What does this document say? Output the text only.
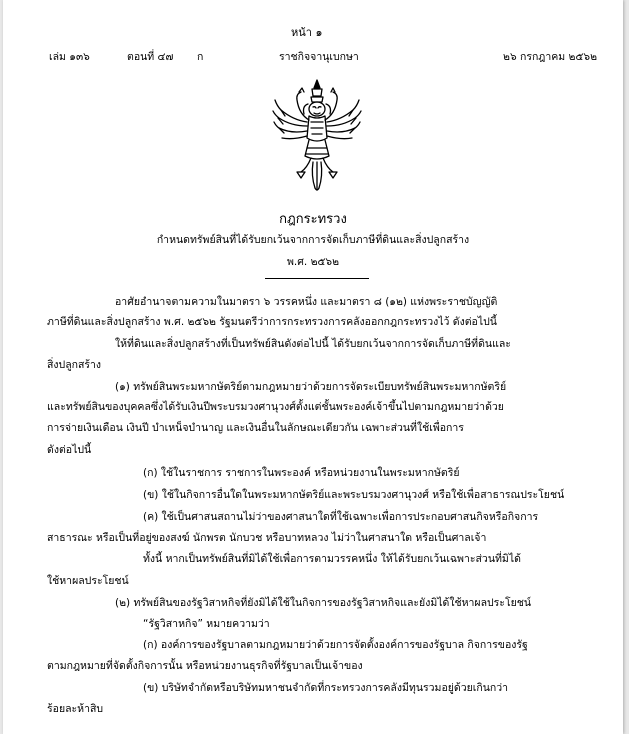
หน้า ๑
เล่ม ๑๓๖	ตอนที่ ๔๗ ก	ราชกิจจานุเบกษา	๒๖ กรกฎาคม ๒๕๖๒
กฎกระทรวง
กำหนดทรัพย์สินที่ได้รับยกเว้นจากการจัดเก็บภาษีที่ดินและสิ่งปลูกสร้าง
พ.ศ. ๒๕๖๒
อาศัยอำนาจตามความในมาตรา ๖ วรรคหนึ่ง และมาตรา ๘ (๑๒) แห่งพระราชบัญญัติ
ภาษีที่ดินและสิ่งปลูกสร้าง พ.ศ. ๒๕๖๒ รัฐมนตรีว่าการกระทรวงการคลังออกกฎกระทรวงไว้ ดังต่อไปนี้
ให้ที่ดินและสิ่งปลูกสร้างที่เป็นทรัพย์สินดังต่อไปนี้ ได้รับยกเว้นจากการจัดเก็บภาษีที่ดินและ
สิ่งปลูกสร้าง
(๑) ทรัพย์สินพระมหากษัตริย์ตามกฎหมายว่าด้วยการจัดระเบียบทรัพย์สินพระมหากษัตริย์
และทรัพย์สินของบุคคลซึ่งได้รับเงินปีพระบรมวงศานุวงศ์ตั้งแต่ชั้นพระองค์เจ้าขึ้นไปตามกฎหมายว่าด้วย
การจ่ายเงินเดือน เงินปี บำเหน็จบำนาญ และเงินอื่นในลักษณะเดียวกัน เฉพาะส่วนที่ใช้เพื่อการ
ดังต่อไปนี้
(ก) ใช้ในราชการ ราชการในพระองค์ หรือหน่วยงานในพระมหากษัตริย์
(ข) ใช้ในกิจการอื่นใดในพระมหากษัตริย์และพระบรมวงศานุวงศ์ หรือใช้เพื่อสาธารณประโยชน์
(ค) ใช้เป็นศาสนสถานไม่ว่าของศาสนาใดที่ใช้เฉพาะเพื่อการประกอบศาสนกิจหรือกิจการ
สาธารณะ หรือเป็นที่อยู่ของสงฆ์ นักพรต นักบวช หรือบาทหลวง ไม่ว่าในศาสนาใด หรือเป็นศาลเจ้า
ทั้งนี้ หากเป็นทรัพย์สินที่มิได้ใช้เพื่อการตามวรรคหนึ่ง ให้ได้รับยกเว้นเฉพาะส่วนที่มิได้
ใช้หาผลประโยชน์
(๒) ทรัพย์สินของรัฐวิสาหกิจที่ยังมิได้ใช้ในกิจการของรัฐวิสาหกิจและยังมิได้ใช้หาผลประโยชน์
“รัฐวิสาหกิจ” หมายความว่า
(ก) องค์การของรัฐบาลตามกฎหมายว่าด้วยการจัดตั้งองค์การของรัฐบาล กิจการของรัฐ
ตามกฎหมายที่จัดตั้งกิจการนั้น หรือหน่วยงานธุรกิจที่รัฐบาลเป็นเจ้าของ
(ข) บริษัทจำกัดหรือบริษัทมหาชนจำกัดที่กระทรวงการคลังมีทุนรวมอยู่ด้วยเกินกว่า
ร้อยละห้าสิบ
